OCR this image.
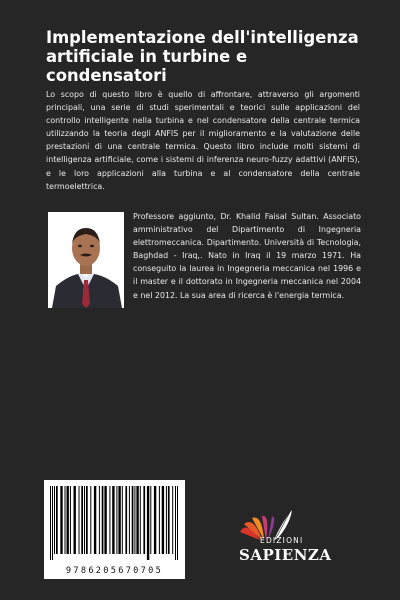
Implementazione dell'intelligenza artificiale in turbine e condensatori

Lo scopo di questo libro è quello di affrontare, attraverso gli argomenti principali, una serie di studi sperimentali e teorici sulle applicazioni del controllo intelligente nella turbina e nel condensatore della centrale termica utilizzando la teoria degli ANFIS per il miglioramento e la valutazione delle prestazioni di una centrale termica. Questo libro include molti sistemi di intelligenza artificiale, come i sistemi di inferenza neuro-fuzzy adattivi (ANFIS), e le loro applicazioni alla turbina e al condensatore della centrale termoelettrica.

Professore aggiunto, Dr. Khalid Faisal Sultan. Associato amministrativo del Dipartimento di Ingegneria elettromeccanica. Dipartimento. Università di Tecnologia, Baghdad - Iraq,. Nato in Iraq il 19 marzo 1971. Ha conseguito la laurea in Ingegneria meccanica nel 1996 e il master e il dottorato in Ingegneria meccanica nel 2004 e nel 2012. La sua area di ricerca è l'energia termica.

9786205670705
EDIZIONI
SAPIENZA
